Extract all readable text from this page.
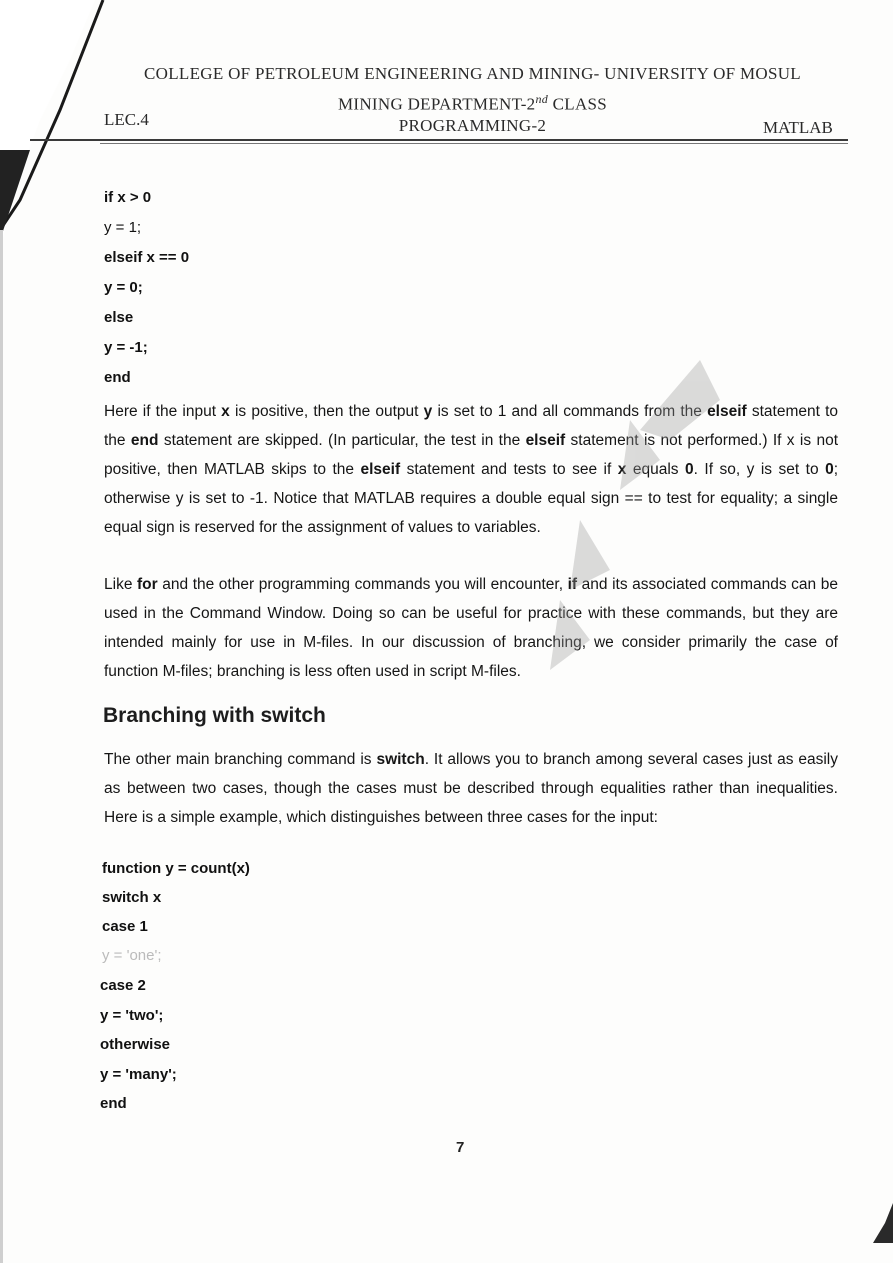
COLLEGE OF PETROLEUM ENGINEERING AND MINING- UNIVERSITY OF MOSUL
MINING DEPARTMENT-2nd CLASS
PROGRAMMING-2
LEC.4	MATLAB
if x > 0
y = 1;
elseif x == 0
y = 0;
else
y = -1;
end
Here if the input x is positive, then the output y is set to 1 and all commands from the elseif statement to the end statement are skipped. (In particular, the test in the elseif statement is not performed.) If x is not positive, then MATLAB skips to the elseif statement and tests to see if x equals 0. If so, y is set to 0; otherwise y is set to -1. Notice that MATLAB requires a double equal sign == to test for equality; a single equal sign is reserved for the assignment of values to variables.
Like for and the other programming commands you will encounter, if and its associated commands can be used in the Command Window. Doing so can be useful for practice with these commands, but they are intended mainly for use in M-files. In our discussion of branching, we consider primarily the case of function M-files; branching is less often used in script M-files.
Branching with switch
The other main branching command is switch. It allows you to branch among several cases just as easily as between two cases, though the cases must be described through equalities rather than inequalities. Here is a simple example, which distinguishes between three cases for the input:
function y = count(x)
switch x
case 1
y = 'one';
case 2
y = 'two';
otherwise
y = 'many';
end
7
